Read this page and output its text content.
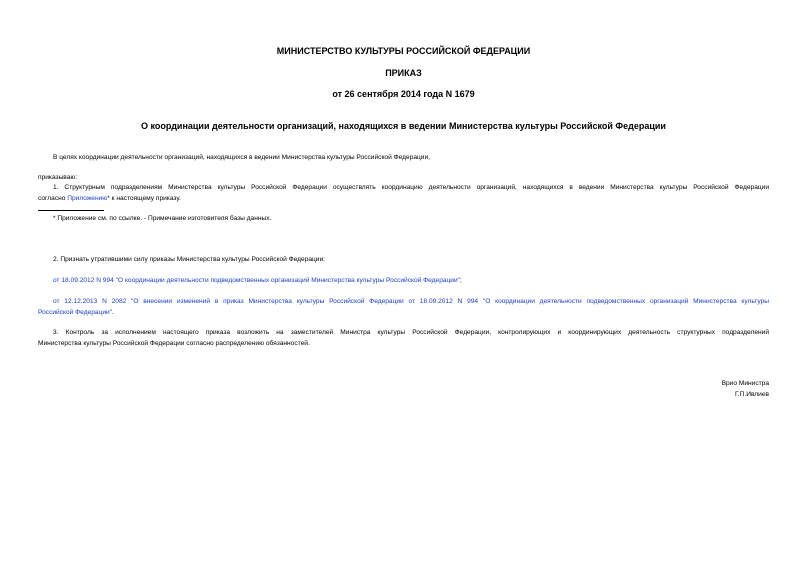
МИНИСТЕРСТВО КУЛЬТУРЫ РОССИЙСКОЙ ФЕДЕРАЦИИ
ПРИКАЗ
от 26 сентября 2014 года N 1679
О координации деятельности организаций, находящихся в ведении Министерства культуры Российской Федерации
В целях координации деятельности организаций, находящихся в ведении Министерства культуры Российской Федерации,
приказываю:
1. Структурным подразделениям Министерства культуры Российской Федерации осуществлять координацию деятельности организаций, находящихся в ведении Министерства культуры Российской Федерации
согласно Приложению* к настоящему приказу.
* Приложение см. по ссылке. - Примечание изготовителя базы данных.
2. Признать утратившими силу приказы Министерства культуры Российской Федерации:
от 18.09.2012 N 994 "О координации деятельности подведомственных организаций Министерства культуры Российской Федерации";
от 12.12.2013 N 2082 "О внесении изменений в приказ Министерства культуры Российской Федерации от 18.09.2012 N 994 "О координации деятельности подведомственных организаций Министерства культуры
Российской Федерации".
3. Контроль за исполнением настоящего приказа возложить на заместителей Министра культуры Российской Федерации, контролирующих и координирующих деятельность структурных подразделений
Министерства культуры Российской Федерации согласно распределению обязанностей.
Врио Министра
Г.П.Ивлиев
